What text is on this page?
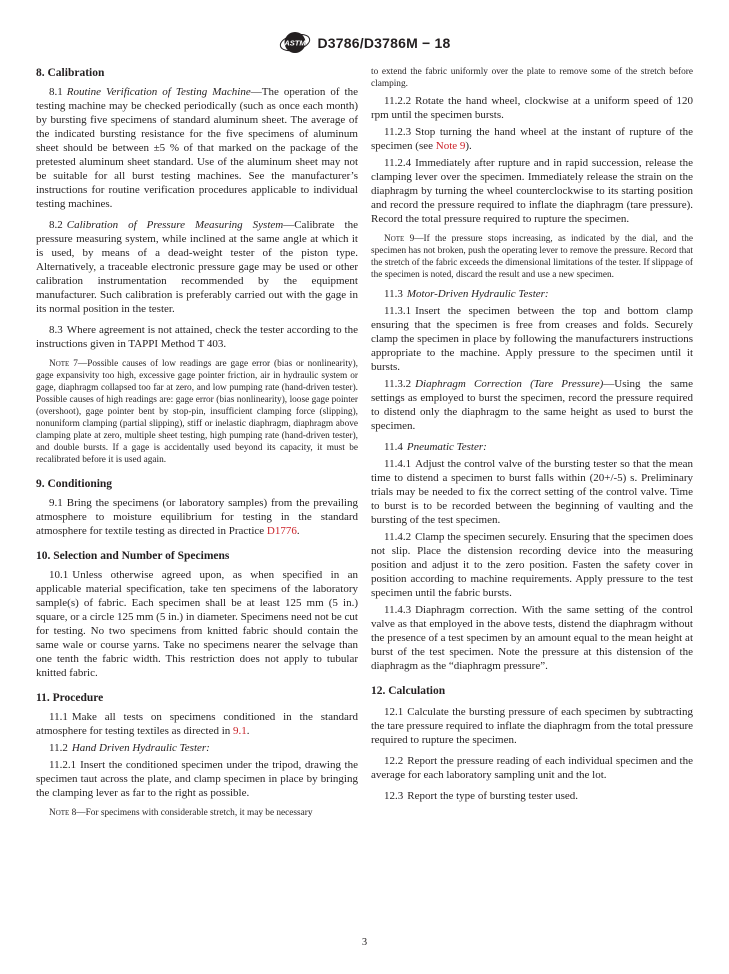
ASTM D3786/D3786M − 18
8. Calibration

8.1 Routine Verification of Testing Machine—The operation of the testing machine may be checked periodically (such as once each month) by bursting five specimens of standard aluminum sheet. The average of the indicated bursting resistance for the five specimens of aluminum sheet should be between ±5 % of that marked on the package of the pretested aluminum sheet standard. Use of the aluminum sheet may not be suitable for all burst testing machines. See the manufacturer’s instructions for routine verification procedures applicable to individual testing machines.

8.2 Calibration of Pressure Measuring System—Calibrate the pressure measuring system, while inclined at the same angle at which it is used, by means of a dead-weight tester of the piston type. Alternatively, a traceable electronic pressure gage may be used or other calibration instrumentation recommended by the equipment manufacturer. Such calibration is preferably carried out with the gage in its normal position in the tester.

8.3 Where agreement is not attained, check the tester according to the instructions given in TAPPI Method T 403.

Note 7—Possible causes of low readings are gage error (bias or nonlinearity), gage expansivity too high, excessive gage pointer friction, air in hydraulic system or gage, diaphragm collapsed too far at zero, and low pumping rate (hand-driven tester). Possible causes of high readings are: gage error (bias nonlinearity), loose gage pointer (overshoot), gage pointer bent by stop-pin, insufficient clamping force (slipping), nonuniform clamping (partial slipping), stiff or inelastic diaphragm, diaphragm above clamping plate at zero, multiple sheet testing, high pumping rate (hand-driven tester), and double bursts. If a gage is accidentally used beyond its capacity, it must be recalibrated before it is used again.

9. Conditioning

9.1 Bring the specimens (or laboratory samples) from the prevailing atmosphere to moisture equilibrium for testing in the standard atmosphere for textile testing as directed in Practice D1776.

10. Selection and Number of Specimens

10.1 Unless otherwise agreed upon, as when specified in an applicable material specification, take ten specimens of the laboratory sample(s) of fabric. Each specimen shall be at least 125 mm (5 in.) square, or a circle 125 mm (5 in.) in diameter. Specimens need not be cut for testing. No two specimens from knitted fabric should contain the same wale or course yarns. Take no specimens nearer the selvage than one tenth the fabric width. This restriction does not apply to tubular knitted fabric.

11. Procedure

11.1 Make all tests on specimens conditioned in the standard atmosphere for testing textiles as directed in 9.1.

11.2 Hand Driven Hydraulic Tester:

11.2.1 Insert the conditioned specimen under the tripod, drawing the specimen taut across the plate, and clamp specimen in place by bringing the clamping lever as far to the right as possible.

Note 8—For specimens with considerable stretch, it may be necessary

to extend the fabric uniformly over the plate to remove some of the stretch before clamping.

11.2.2 Rotate the hand wheel, clockwise at a uniform speed of 120 rpm until the specimen bursts.

11.2.3 Stop turning the hand wheel at the instant of rupture of the specimen (see Note 9).

11.2.4 Immediately after rupture and in rapid succession, release the clamping lever over the specimen. Immediately release the strain on the diaphragm by turning the wheel counterclockwise to its starting position and record the pressure required to inflate the diaphragm (tare pressure). Record the total pressure required to rupture the specimen.

Note 9—If the pressure stops increasing, as indicated by the dial, and the specimen has not broken, push the operating lever to remove the pressure. Record that the stretch of the fabric exceeds the dimensional limitations of the tester. If slippage of the specimen is noted, discard the result and use a new specimen.

11.3 Motor-Driven Hydraulic Tester:

11.3.1 Insert the specimen between the top and bottom clamp ensuring that the specimen is free from creases and folds. Securely clamp the specimen in place by following the manufacturers instructions appropriate to the machine. Apply pressure to the specimen until it bursts.

11.3.2 Diaphragm Correction (Tare Pressure)—Using the same settings as employed to burst the specimen, record the pressure required to distend only the diaphragm to the same height as used to burst the specimen.

11.4 Pneumatic Tester:

11.4.1 Adjust the control valve of the bursting tester so that the mean time to distend a specimen to burst falls within (20+/-5) s. Preliminary trials may be needed to fix the correct setting of the control valve. Time to burst is to be recorded between the beginning of vaulting and the bursting of the test specimen.

11.4.2 Clamp the specimen securely. Ensuring that the specimen does not slip. Place the distension recording device into the measuring position and adjust it to the zero position. Fasten the safety cover in position according to machine requirements. Apply pressure to the test specimen until the fabric bursts.

11.4.3 Diaphragm correction. With the same setting of the control valve as that employed in the above tests, distend the diaphragm without the presence of a test specimen by an amount equal to the mean height at burst of the test specimen. Note the pressure at this distension of the diaphragm as the “diaphragm pressure”.

12. Calculation

12.1 Calculate the bursting pressure of each specimen by subtracting the tare pressure required to inflate the diaphragm from the total pressure required to rupture the specimen.

12.2 Report the pressure reading of each individual specimen and the average for each laboratory sampling unit and the lot.

12.3 Report the type of bursting tester used.

3
